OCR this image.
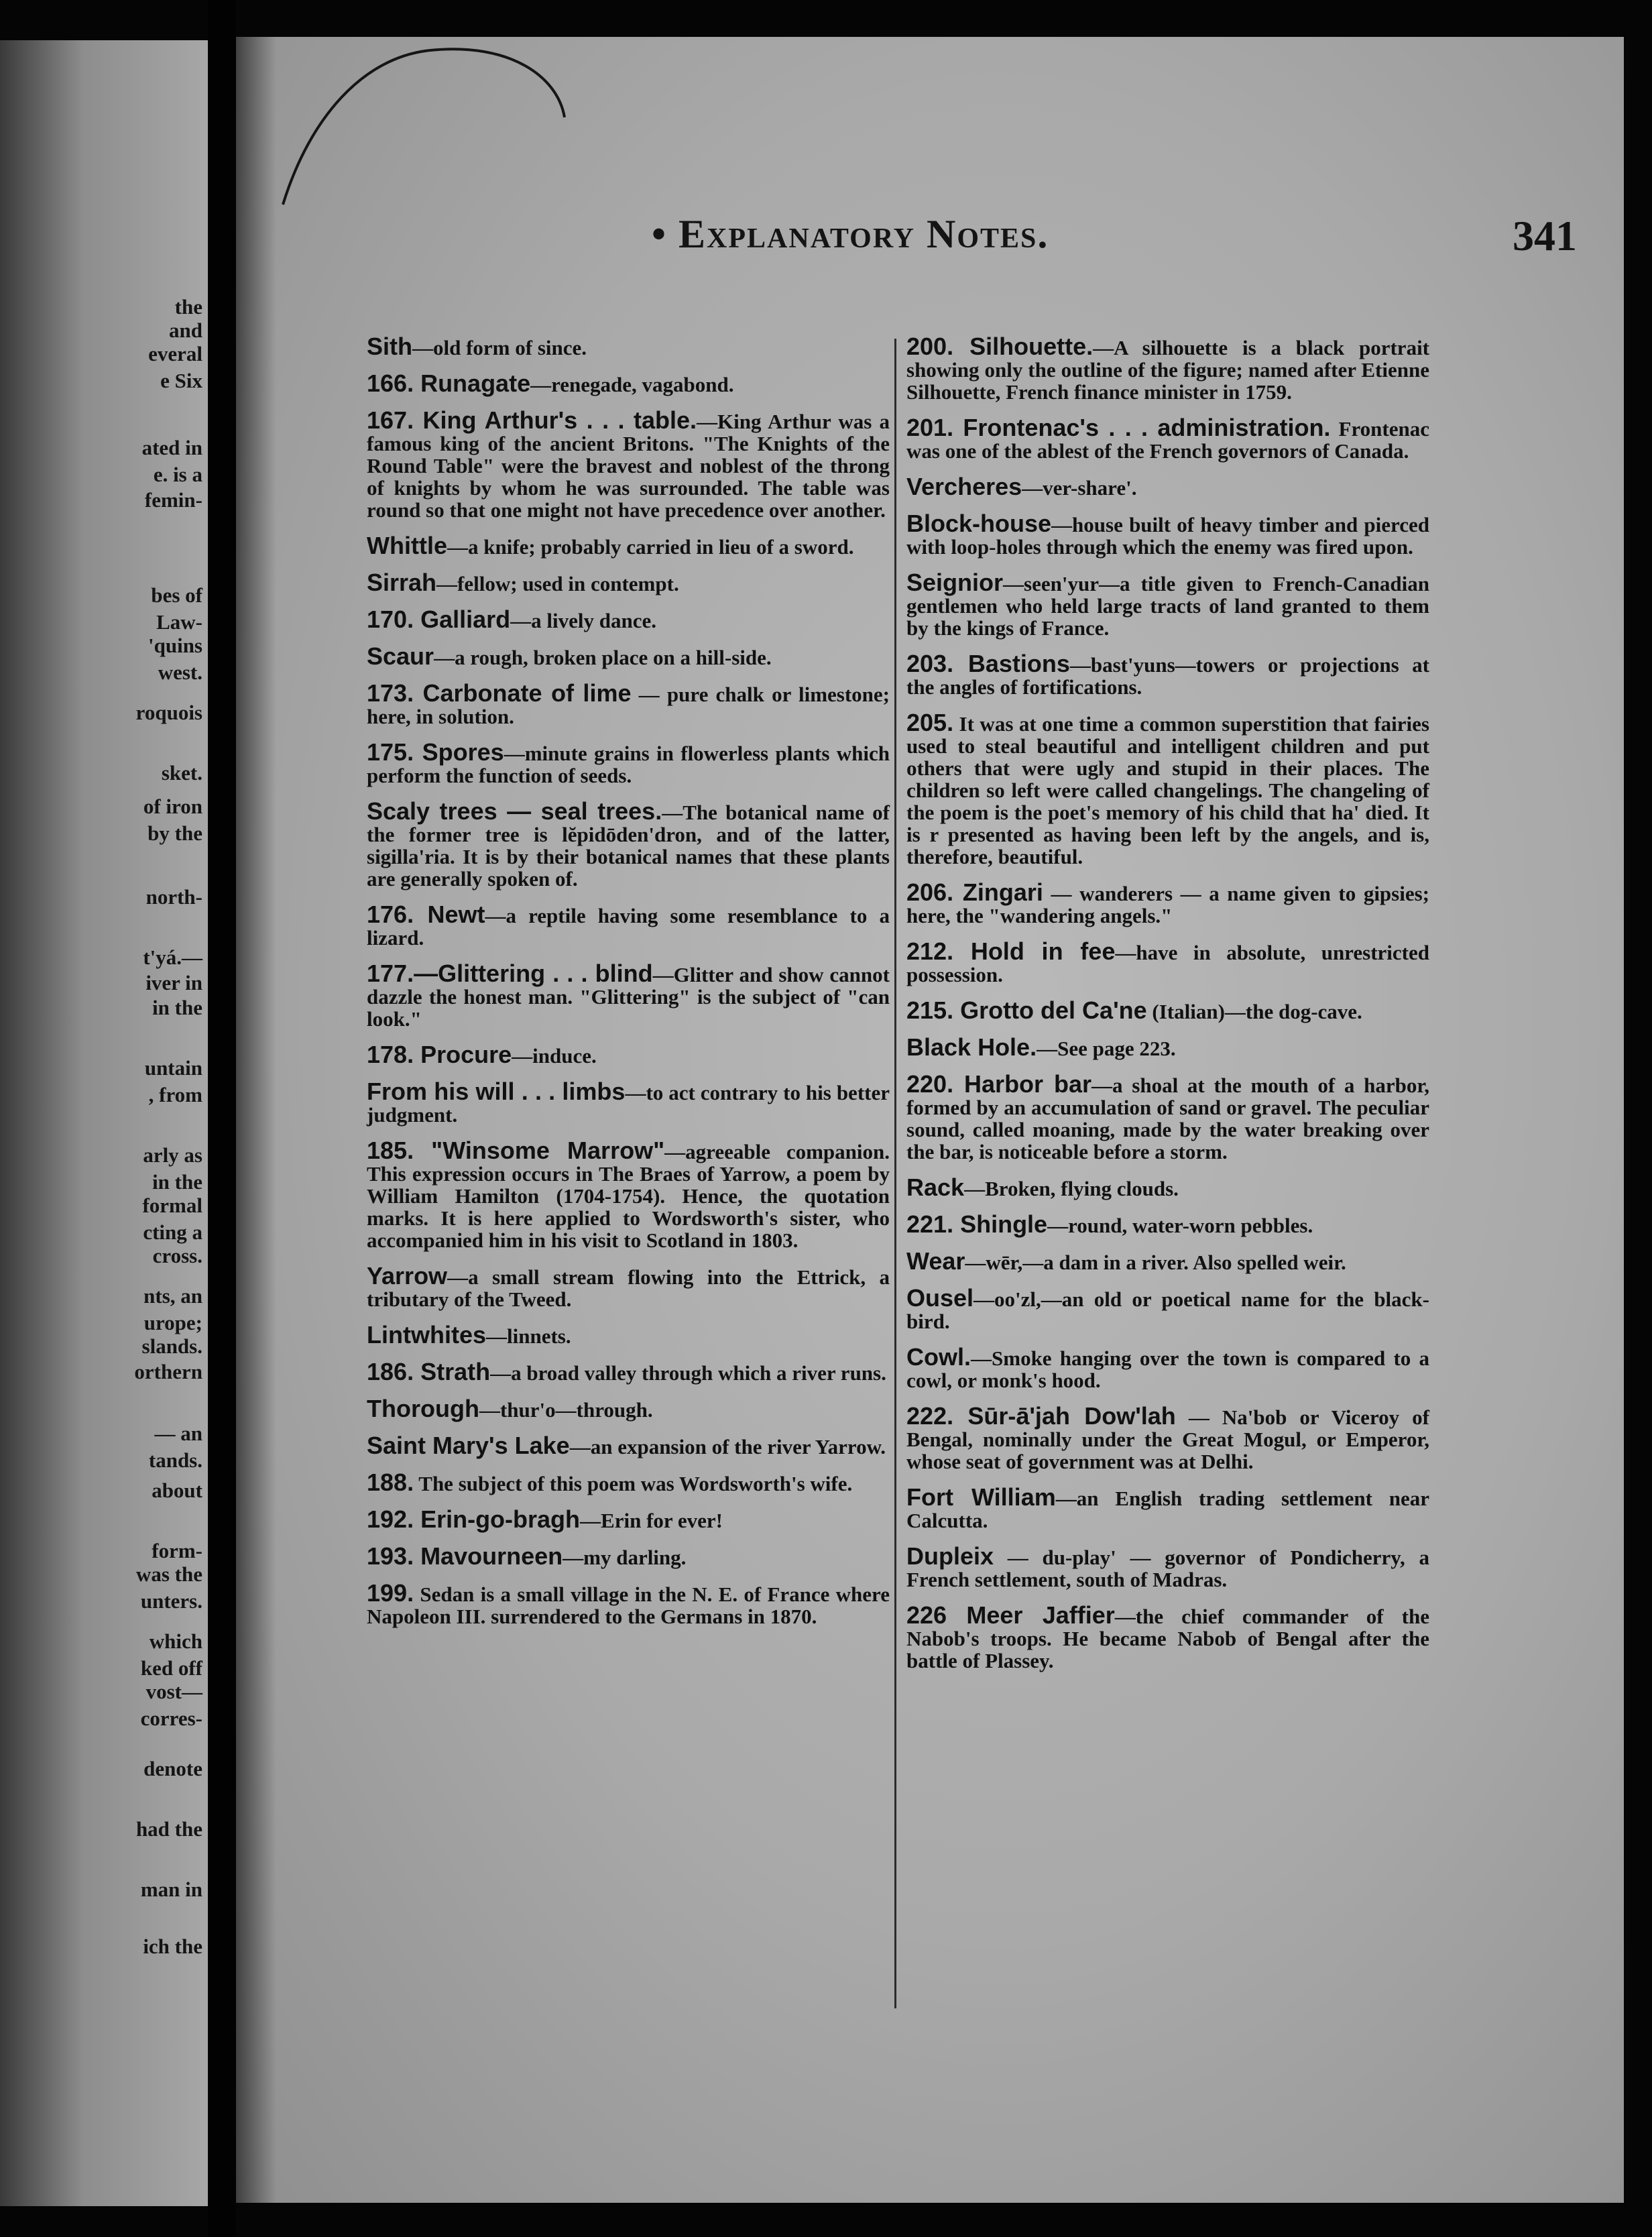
the
and
everal
e Six
ated in
e. is a
femin-
bes of
Law-
'quins
west.
roquois
sket.
of iron
by the
north-
t'yá.—
iver in
in the
untain
, from
arly as
in the
formal
cting a
cross.
nts, an
urope;
slands.
orthern
— an
tands.
about
form-
was the
unters.
which
ked off
vost—
corres-
denote
had the
man in
ich the
• Explanatory Notes.	341

Sith—old form of since.

166. Runagate—renegade, vagabond.

167. King Arthur's . . . table.—King Arthur was a famous king of the ancient Britons. "The Knights of the Round Table" were the bravest and noblest of the throng of knights by whom he was surrounded. The table was round so that one might not have precedence over another.

Whittle—a knife; probably carried in lieu of a sword.

Sirrah—fellow; used in contempt.

170. Galliard—a lively dance.

Scaur—a rough, broken place on a hill-side.

173. Carbonate of lime — pure chalk or limestone; here, in solution.

175. Spores—minute grains in flowerless plants which perform the function of seeds.

Scaly trees — seal trees.—The botanical name of the former tree is lĕpidōden'dron, and of the latter, sigilla'ria. It is by their botanical names that these plants are generally spoken of.

176. Newt—a reptile having some resemblance to a lizard.

177.—Glittering . . . blind—Glitter and show cannot dazzle the honest man. "Glittering" is the subject of "can look."

178. Procure—induce.

From his will . . . limbs—to act contrary to his better judgment.

185. "Winsome Marrow"—agreeable companion. This expression occurs in The Braes of Yarrow, a poem by William Hamilton (1704-1754). Hence, the quotation marks. It is here applied to Wordsworth's sister, who accompanied him in his visit to Scotland in 1803.

Yarrow—a small stream flowing into the Ettrick, a tributary of the Tweed.

Lintwhites—linnets.

186. Strath—a broad valley through which a river runs.

Thorough—thur'o—through.

Saint Mary's Lake—an expansion of the river Yarrow.

188. The subject of this poem was Wordsworth's wife.

192. Erin-go-bragh—Erin for ever!

193. Mavourneen—my darling.

199. Sedan is a small village in the N. E. of France where Napoleon III. surrendered to the Germans in 1870.

200. Silhouette.—A silhouette is a black portrait showing only the outline of the figure; named after Etienne Silhouette, French finance minister in 1759.

201. Frontenac's . . . administration. Frontenac was one of the ablest of the French governors of Canada.

Vercheres—ver-share'.

Block-house—house built of heavy timber and pierced with loop-holes through which the enemy was fired upon.

Seignior—seen'yur—a title given to French-Canadian gentlemen who held large tracts of land granted to them by the kings of France.

203. Bastions—bast'yuns—towers or projections at the angles of fortifications.

205. It was at one time a common superstition that fairies used to steal beautiful and intelligent children and put others that were ugly and stupid in their places. The children so left were called changelings. The changeling of the poem is the poet's memory of his child that ha' died. It is r presented as having been left by the angels, and is, therefore, beautiful.

206. Zingari — wanderers — a name given to gipsies; here, the "wandering angels."

212. Hold in fee—have in absolute, unrestricted possession.

215. Grotto del Ca'ne (Italian)—the dog-cave.

Black Hole.—See page 223.

220. Harbor bar—a shoal at the mouth of a harbor, formed by an accumulation of sand or gravel. The peculiar sound, called moaning, made by the water breaking over the bar, is noticeable before a storm.

Rack—Broken, flying clouds.

221. Shingle—round, water-worn pebbles.

Wear—wēr,—a dam in a river. Also spelled weir.

Ousel—oo'zl,—an old or poetical name for the black-bird.

Cowl.—Smoke hanging over the town is compared to a cowl, or monk's hood.

222. Sūr-ā'jah Dow'lah — Na'bob or Viceroy of Bengal, nominally under the Great Mogul, or Emperor, whose seat of government was at Delhi.

Fort William—an English trading settlement near Calcutta.

Dupleix — du-play' — governor of Pondicherry, a French settlement, south of Madras.

226 Meer Jaffier—the chief commander of the Nabob's troops. He became Nabob of Bengal after the battle of Plassey.
